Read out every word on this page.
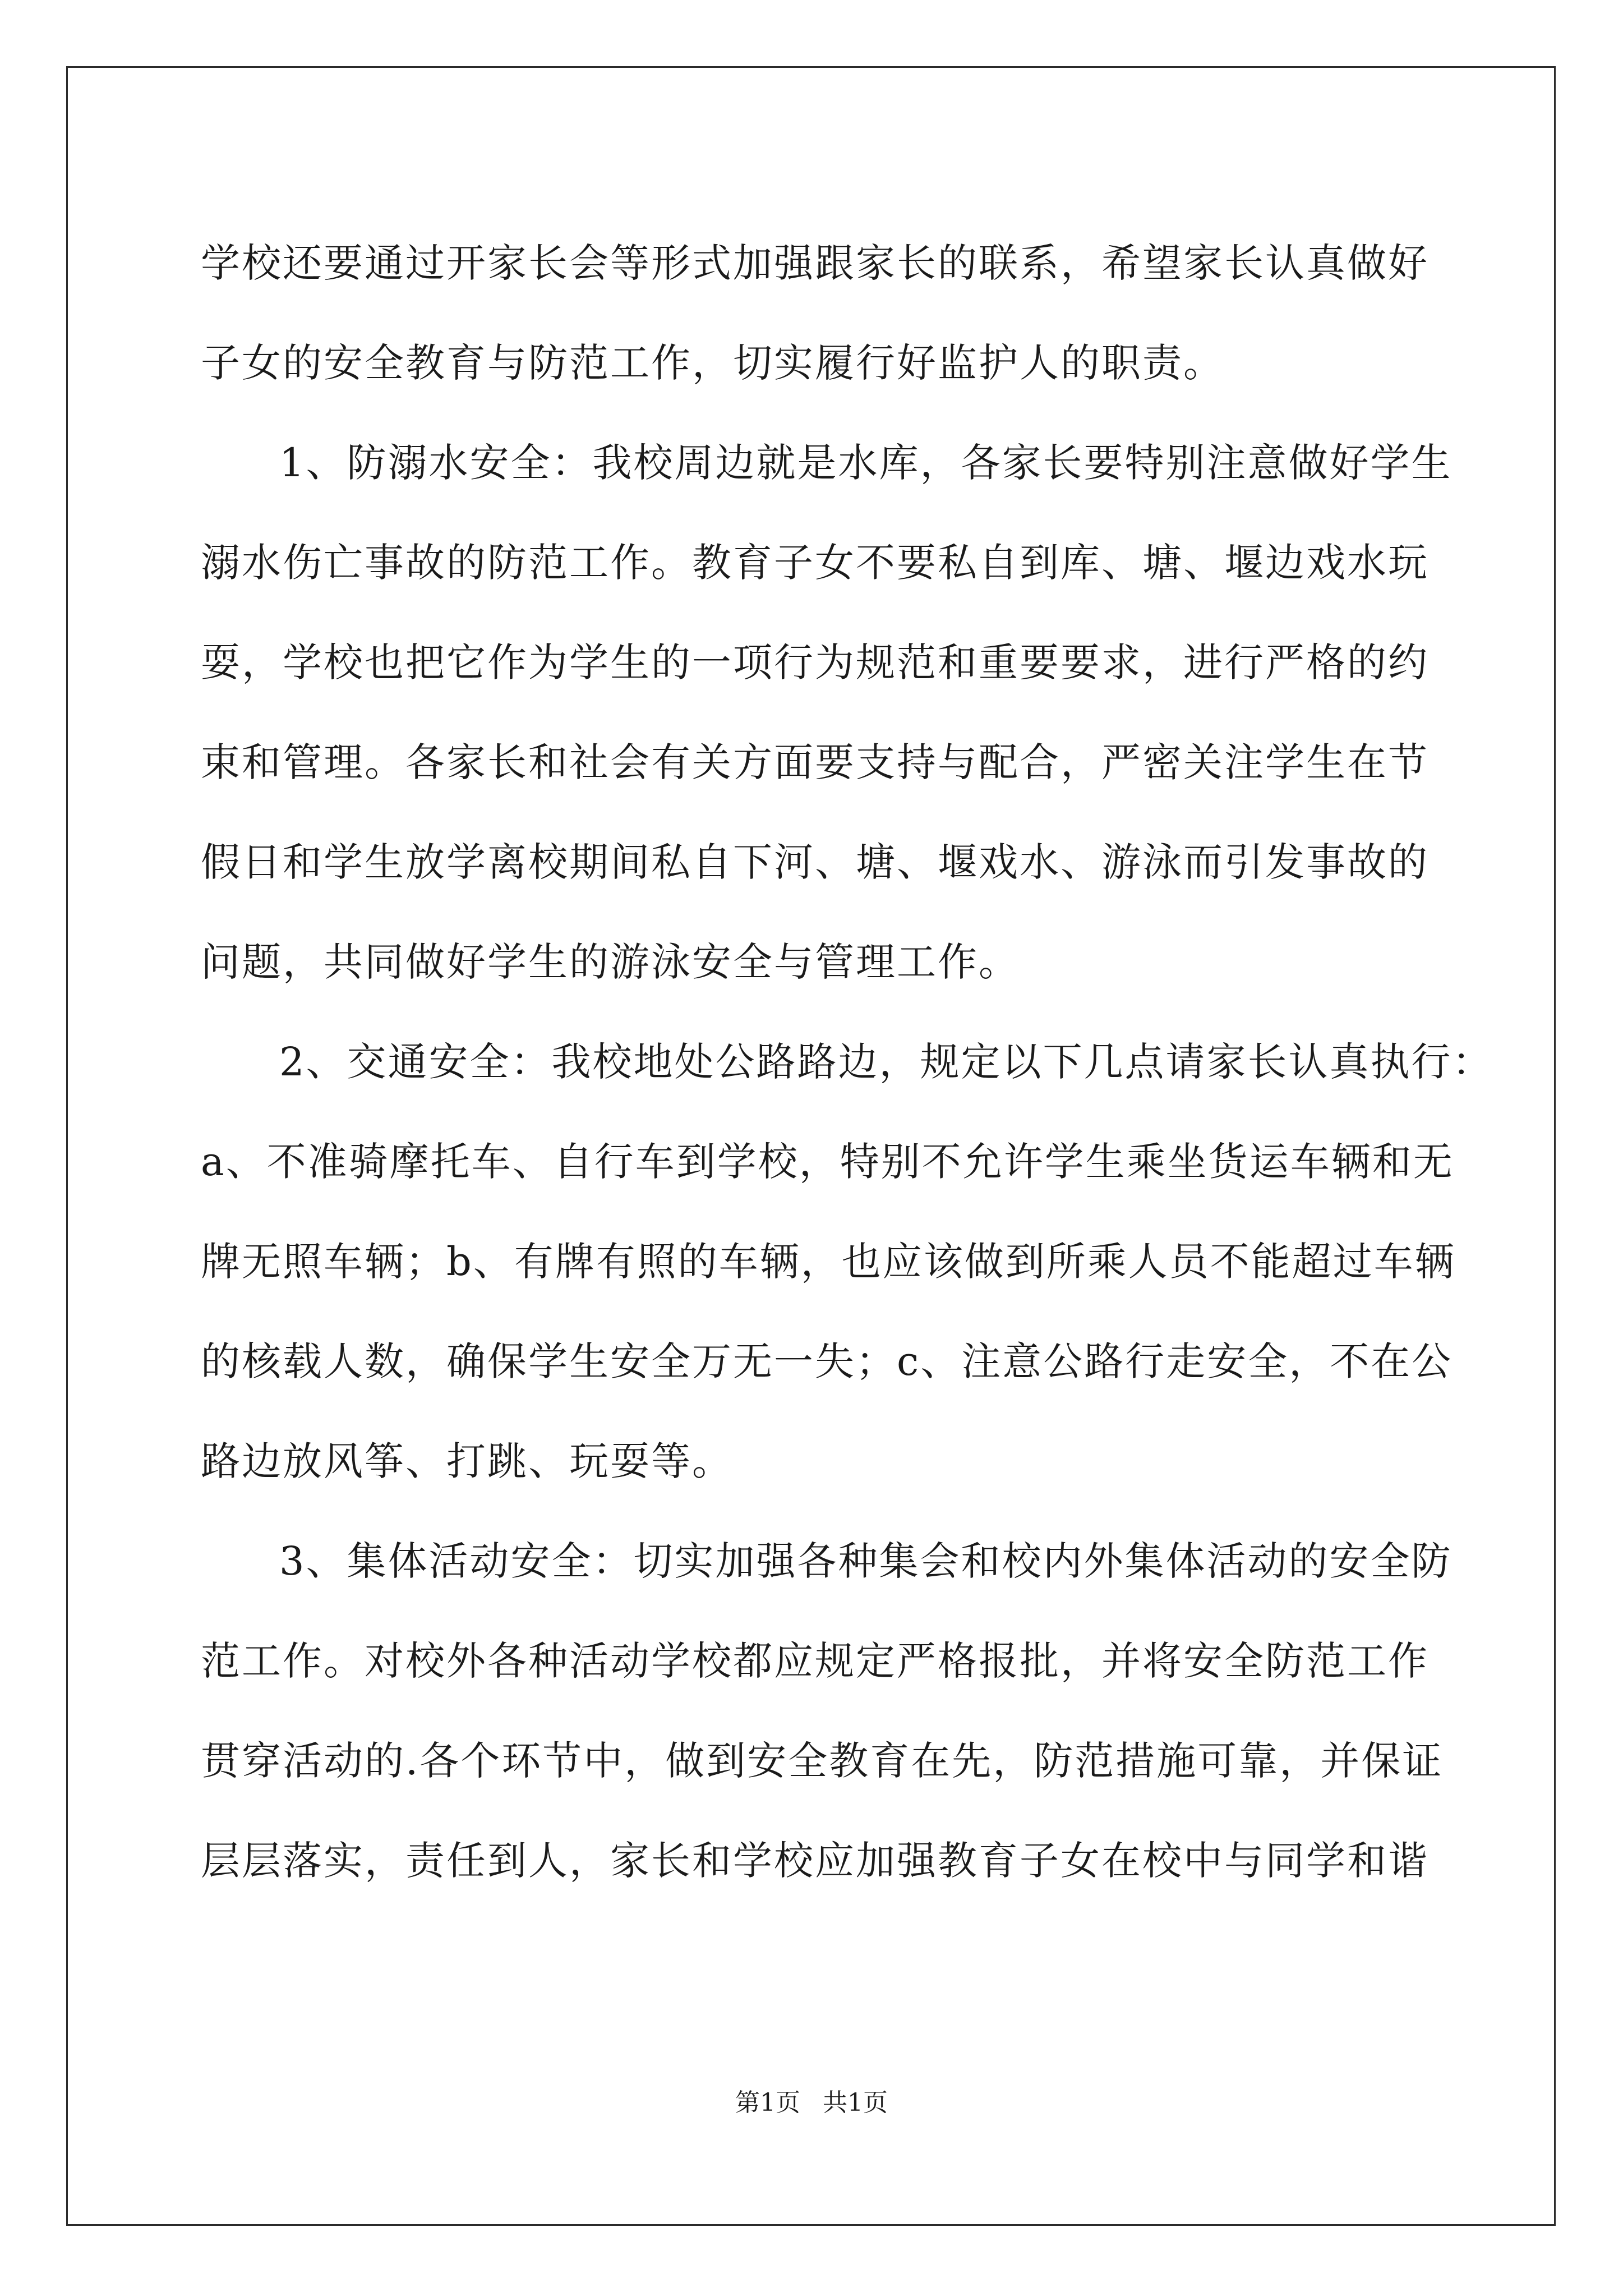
学校还要通过开家长会等形式加强跟家长的联系，希望家长认真做好
子女的安全教育与防范工作，切实履行好监护人的职责。
1、防溺水安全：我校周边就是水库，各家长要特别注意做好学生
溺水伤亡事故的防范工作。教育子女不要私自到库、塘、堰边戏水玩
耍，学校也把它作为学生的一项行为规范和重要要求，进行严格的约
束和管理。各家长和社会有关方面要支持与配合，严密关注学生在节
假日和学生放学离校期间私自下河、塘、堰戏水、游泳而引发事故的
问题，共同做好学生的游泳安全与管理工作。
2、交通安全：我校地处公路路边，规定以下几点请家长认真执行：
a、不准骑摩托车、自行车到学校，特别不允许学生乘坐货运车辆和无
牌无照车辆；b、有牌有照的车辆，也应该做到所乘人员不能超过车辆
的核载人数，确保学生安全万无一失；c、注意公路行走安全，不在公
路边放风筝、打跳、玩耍等。
3、集体活动安全：切实加强各种集会和校内外集体活动的安全防
范工作。对校外各种活动学校都应规定严格报批，并将安全防范工作
贯穿活动的.各个环节中，做到安全教育在先，防范措施可靠，并保证
层层落实，责任到人，家长和学校应加强教育子女在校中与同学和谐
第1页 共1页
